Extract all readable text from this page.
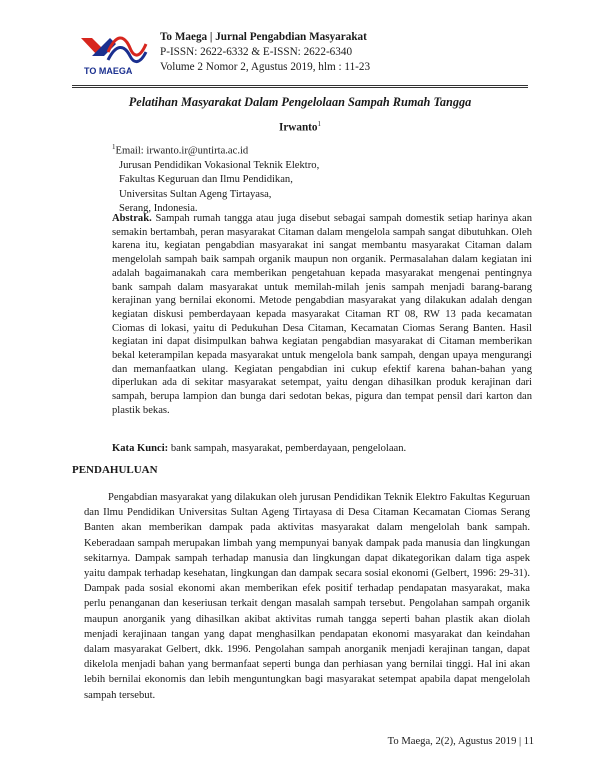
TO MAEGA
To Maega | Jurnal Pengabdian Masyarakat
P-ISSN: 2622-6332 & E-ISSN: 2622-6340
Volume 2 Nomor 2, Agustus 2019, hlm : 11-23
Pelatihan Masyarakat Dalam Pengelolaan Sampah Rumah Tangga
Irwanto$^1$
$^1$Email: irwanto.ir@untirta.ac.id
Jurusan Pendidikan Vokasional Teknik Elektro,
Fakultas Keguruan dan Ilmu Pendidikan,
Universitas Sultan Ageng Tirtayasa,
Serang, Indonesia.
Abstrak. Sampah rumah tangga atau juga disebut sebagai sampah domestik setiap harinya akan semakin bertambah, peran masyarakat Citaman dalam mengelola sampah sangat dibutuhkan. Oleh karena itu, kegiatan pengabdian masyarakat ini sangat membantu masyarakat Citaman dalam mengelolah sampah baik sampah organik maupun non organik. Permasalahan dalam kegiatan ini adalah bagaimanakah cara memberikan pengetahuan kepada masyarakat mengenai pentingnya bank sampah dalam masyarakat untuk memilah-milah jenis sampah menjadi barang-barang kerajinan yang bernilai ekonomi. Metode pengabdian masyarakat yang dilakukan adalah dengan kegiatan diskusi pemberdayaan kepada masyarakat Citaman RT 08, RW 13 pada kecamatan Ciomas di lokasi, yaitu di Pedukuhan Desa Citaman, Kecamatan Ciomas Serang Banten. Hasil kegiatan ini dapat disimpulkan bahwa kegiatan pengabdian masyarakat di Citaman memberikan bekal keterampilan kepada masyarakat untuk mengelola bank sampah, dengan upaya mengurangi dan memanfaatkan ulang. Kegiatan pengabdian ini cukup efektif karena bahan-bahan yang diperlukan ada di sekitar masyarakat setempat, yaitu dengan dihasilkan produk kerajinan dari sampah, berupa lampion dan bunga dari sedotan bekas, pigura dan tempat pensil dari karton dan plastik bekas.
Kata Kunci: bank sampah, masyarakat, pemberdayaan, pengelolaan.
PENDAHULUAN
Pengabdian masyarakat yang dilakukan oleh jurusan Pendidikan Teknik Elektro Fakultas Keguruan dan Ilmu Pendidikan Universitas Sultan Ageng Tirtayasa di Desa Citaman Kecamatan Ciomas Serang Banten akan memberikan dampak pada aktivitas masyarakat dalam mengelolah bank sampah. Keberadaan sampah merupakan limbah yang mempunyai banyak dampak pada manusia dan lingkungan sekitarnya. Dampak sampah terhadap manusia dan lingkungan dapat dikategorikan dalam tiga aspek yaitu dampak terhadap kesehatan, lingkungan dan dampak secara sosial ekonomi (Gelbert, 1996: 29-31). Dampak pada sosial ekonomi akan memberikan efek positif terhadap pendapatan masyarakat, maka perlu penanganan dan keseriusan terkait dengan masalah sampah tersebut. Pengolahan sampah organik maupun anorganik yang dihasilkan akibat aktivitas rumah tangga seperti bahan plastik akan diolah menjadi kerajinaan tangan yang dapat menghasilkan pendapatan ekonomi masyarakat dan keindahan dalam masyarakat Gelbert, dkk. 1996. Pengolahan sampah anorganik menjadi kerajinan tangan, dapat dikelola menjadi bahan yang bermanfaat seperti bunga dan perhiasan yang bernilai tinggi. Hal ini akan lebih bernilai ekonomis dan lebih menguntungkan bagi masyarakat setempat apabila dapat mengelolah sampah tersebut.
To Maega, 2(2), Agustus 2019 | 11
